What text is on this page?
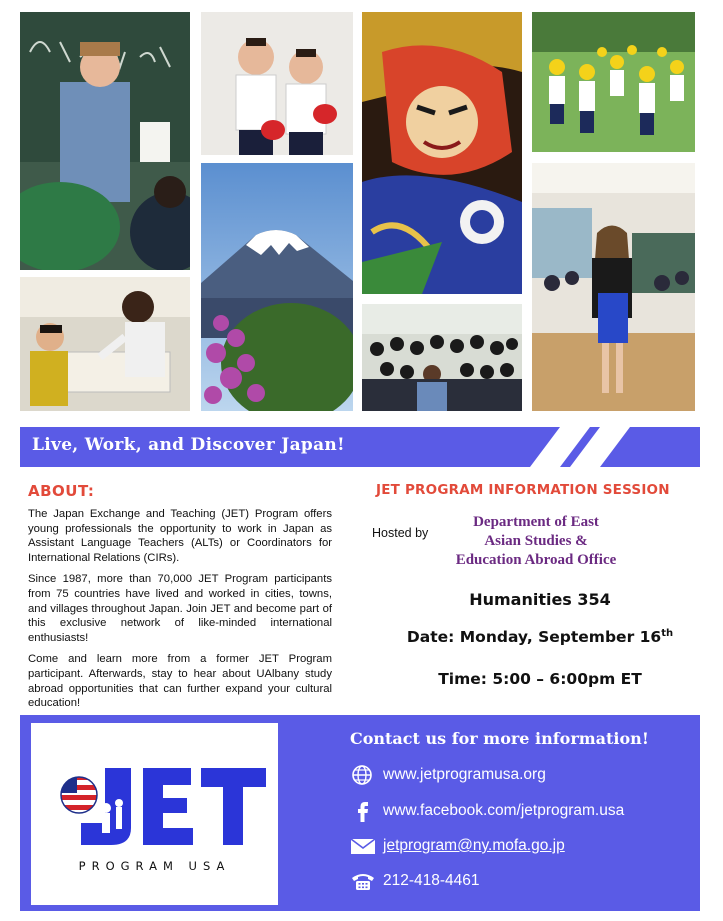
Live, Work, and Discover Japan!
ABOUT:

The Japan Exchange and Teaching (JET) Program offers young professionals the opportunity to work in Japan as Assistant Language Teachers (ALTs) or Coordinators for International Relations (CIRs).

Since 1987, more than 70,000 JET Program participants from 75 countries have lived and worked in cities, towns, and villages throughout Japan. Join JET and become part of this exclusive network of like-minded international enthusiasts!

Come and learn more from a former JET Program participant. Afterwards, stay to hear about UAlbany study abroad opportunities that can further expand your cultural education!

JET PROGRAM INFORMATION SESSION
Hosted by
Department of East
Asian Studies &
Education Abroad Office
Humanities 354
Date: Monday, September 16th
Time: 5:00 – 6:00pm ET
PROGRAM USA
Contact us for more information!
www.jetprogramusa.org
www.facebook.com/jetprogram.usa
jetprogram@ny.mofa.go.jp
212-418-4461
